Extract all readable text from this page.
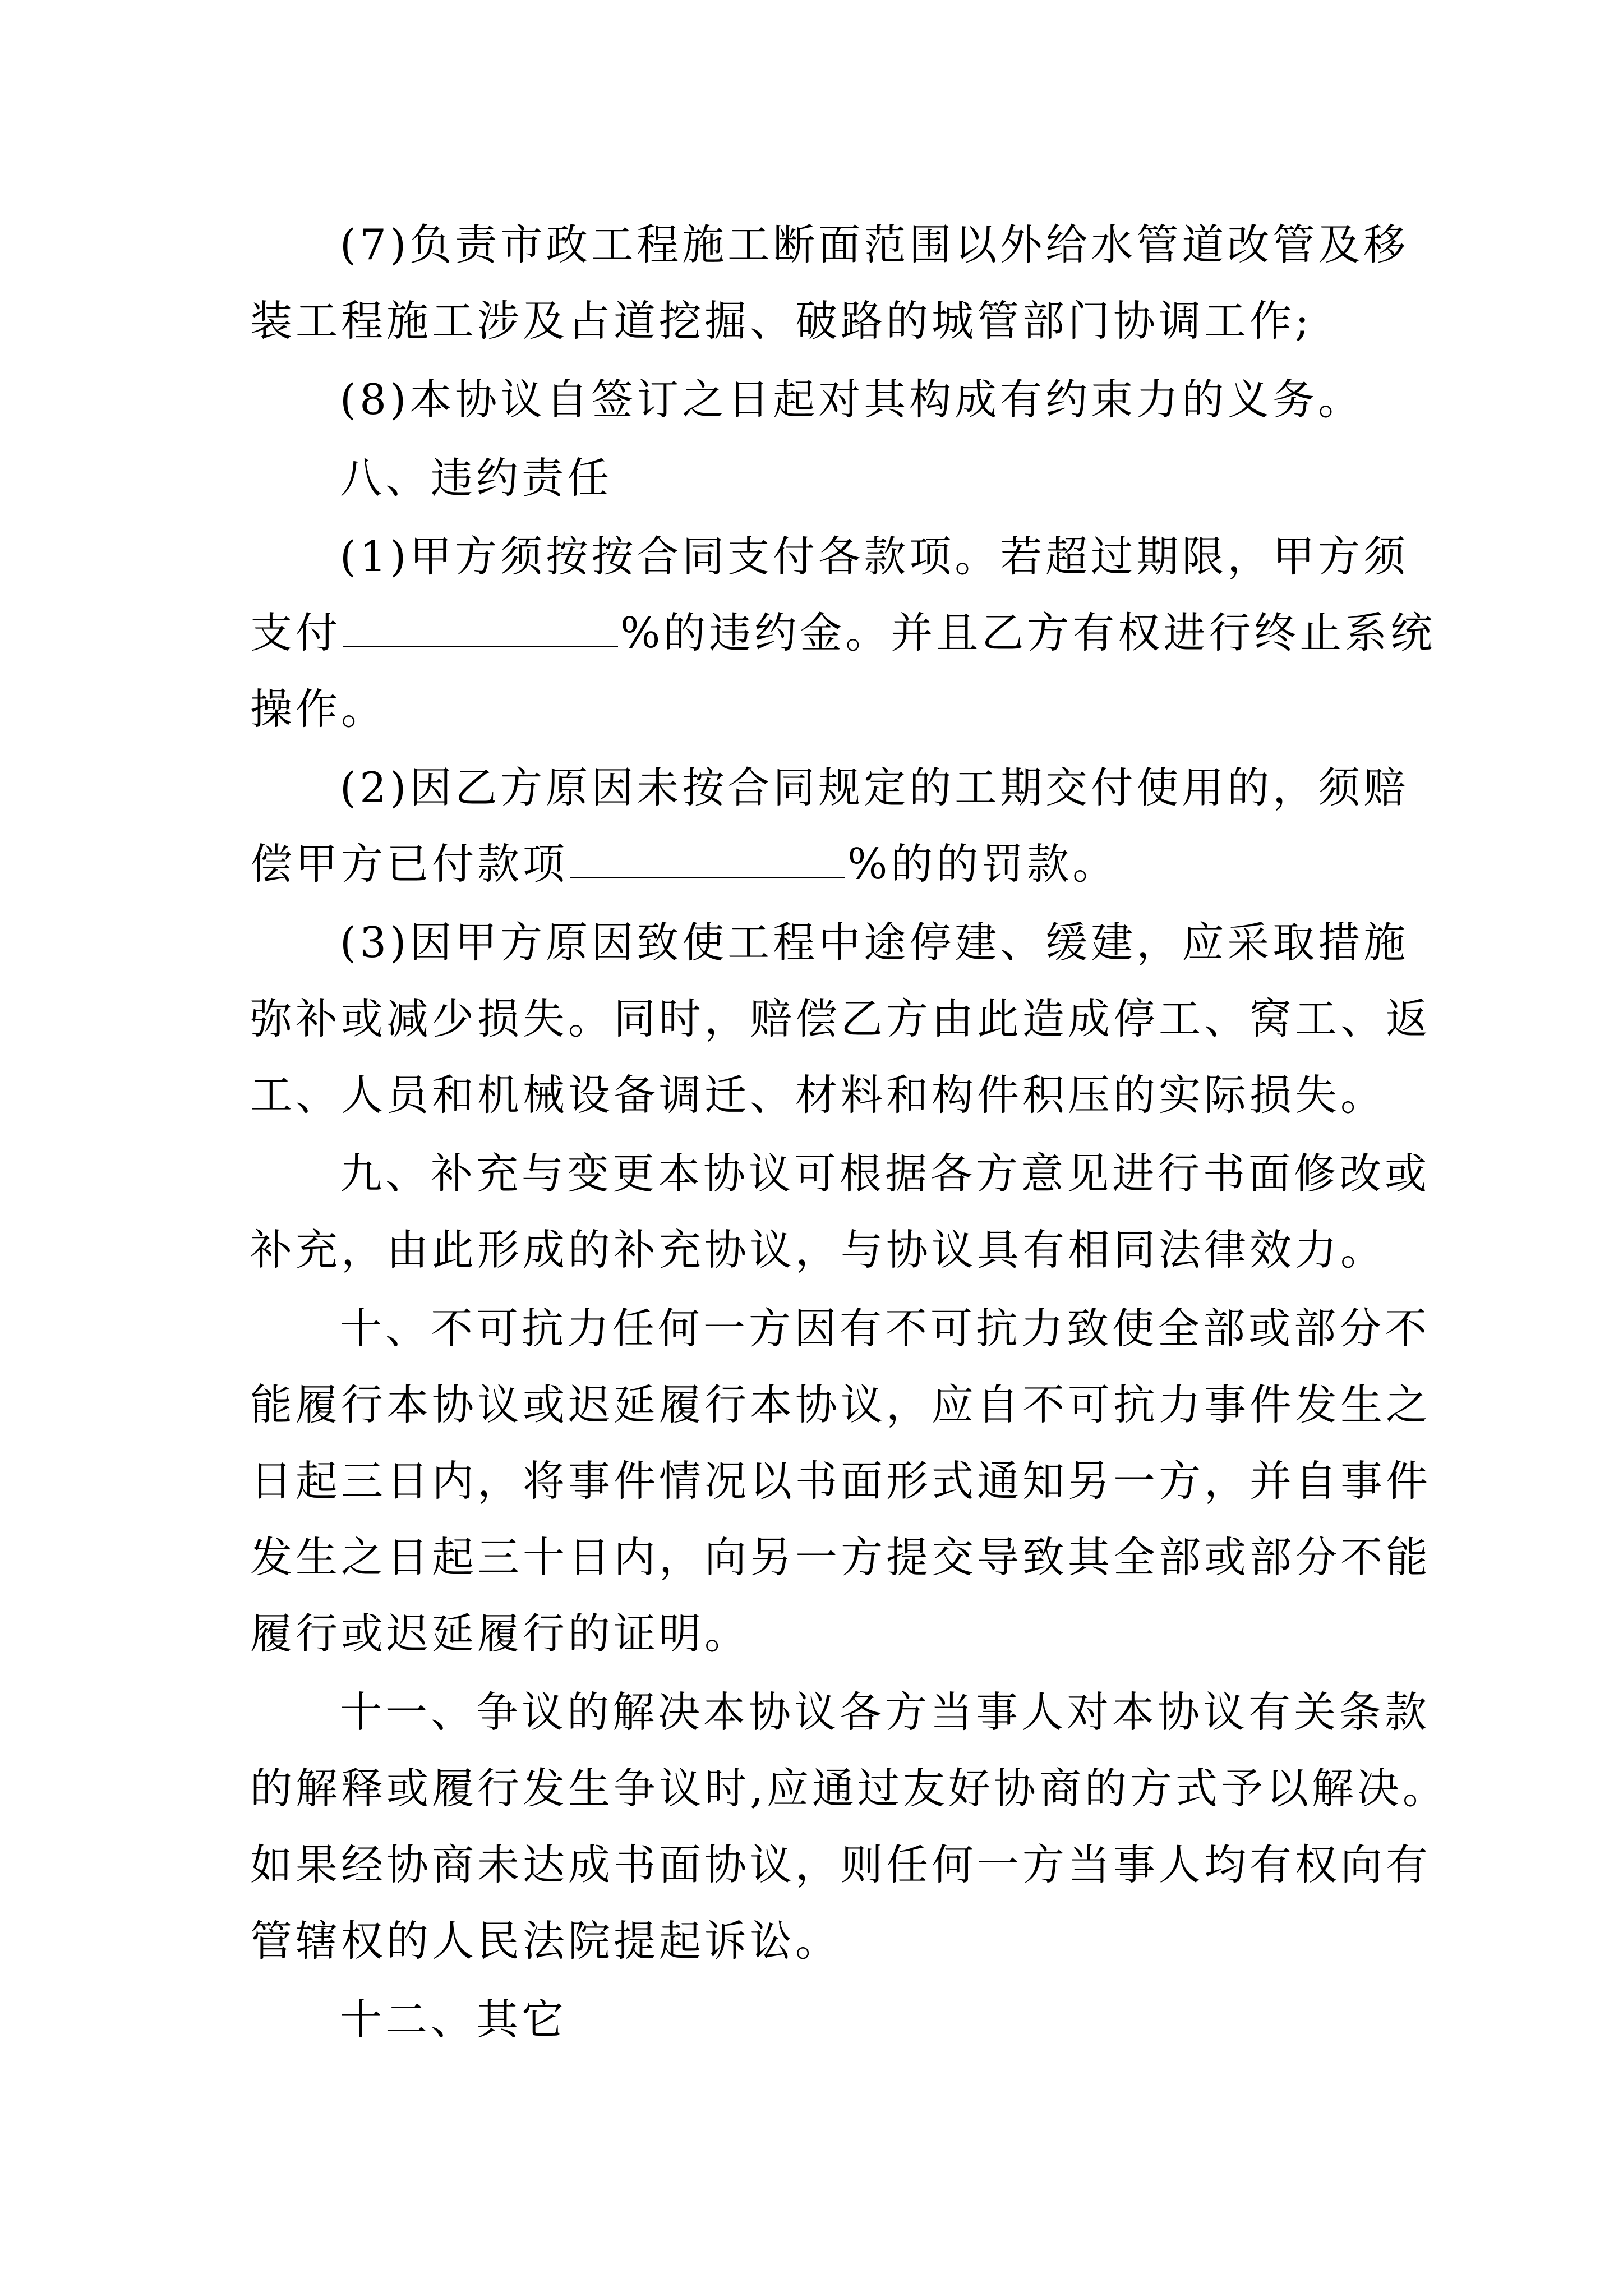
(7)负责市政工程施工断面范围以外给水管道改管及移
装工程施工涉及占道挖掘、破路的城管部门协调工作;
(8)本协议自签订之日起对其构成有约束力的义务。
八、违约责任
(1)甲方须按按合同支付各款项。若超过期限，甲方须
支付	%的违约金。并且乙方有权进行终止系统
操作。
(2)因乙方原因未按合同规定的工期交付使用的，须赔
偿甲方已付款项	%的的罚款。
(3)因甲方原因致使工程中途停建、缓建，应采取措施
弥补或减少损失。同时，赔偿乙方由此造成停工、窝工、返
工、人员和机械设备调迁、材料和构件积压的实际损失。
九、补充与变更本协议可根据各方意见进行书面修改或
补充，由此形成的补充协议，与协议具有相同法律效力。
十、不可抗力任何一方因有不可抗力致使全部或部分不
能履行本协议或迟延履行本协议，应自不可抗力事件发生之
日起三日内，将事件情况以书面形式通知另一方，并自事件
发生之日起三十日内，向另一方提交导致其全部或部分不能
履行或迟延履行的证明。
十一、争议的解决本协议各方当事人对本协议有关条款
的解释或履行发生争议时,应通过友好协商的方式予以解决。
如果经协商未达成书面协议，则任何一方当事人均有权向有
管辖权的人民法院提起诉讼。
十二、其它
